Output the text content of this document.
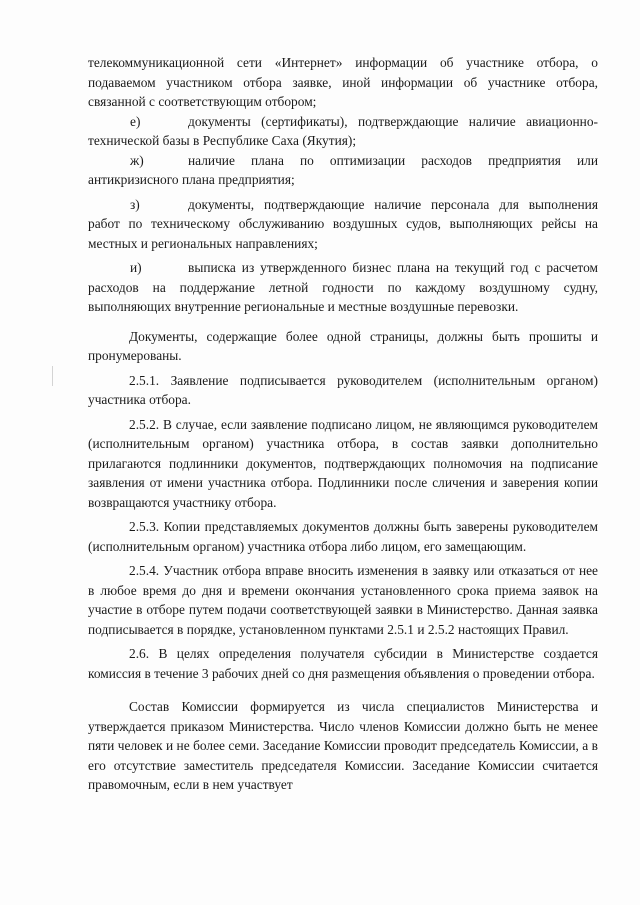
телекоммуникационной сети «Интернет» информации об участнике отбора, о подаваемом участником отбора заявке, иной информации об участнике отбора, связанной с соответствующим отбором;

е)	документы (сертификаты), подтверждающие наличие авиационно-технической базы в Республике Саха (Якутия);

ж)	наличие плана по оптимизации расходов предприятия или антикризисного плана предприятия;

з)	документы, подтверждающие наличие персонала для выполнения работ по техническому обслуживанию воздушных судов, выполняющих рейсы на местных и региональных направлениях;

и)	выписка из утвержденного бизнес плана на текущий год с расчетом расходов на поддержание летной годности по каждому воздушному судну, выполняющих внутренние региональные и местные воздушные перевозки.

Документы, содержащие более одной страницы, должны быть прошиты и пронумерованы.

2.5.1. Заявление подписывается руководителем (исполнительным органом) участника отбора.

2.5.2. В случае, если заявление подписано лицом, не являющимся руководителем (исполнительным органом) участника отбора, в состав заявки дополнительно прилагаются подлинники документов, подтверждающих полномочия на подписание заявления от имени участника отбора. Подлинники после сличения и заверения копии возвращаются участнику отбора.

2.5.3. Копии представляемых документов должны быть заверены руководителем (исполнительным органом) участника отбора либо лицом, его замещающим.

2.5.4. Участник отбора вправе вносить изменения в заявку или отказаться от нее в любое время до дня и времени окончания установленного срока приема заявок на участие в отборе путем подачи соответствующей заявки в Министерство. Данная заявка подписывается в порядке, установленном пунктами 2.5.1 и 2.5.2 настоящих Правил.

2.6. В целях определения получателя субсидии в Министерстве создается комиссия в течение 3 рабочих дней со дня размещения объявления о проведении отбора.

Состав Комиссии формируется из числа специалистов Министерства и утверждается приказом Министерства. Число членов Комиссии должно быть не менее пяти человек и не более семи. Заседание Комиссии проводит председатель Комиссии, а в его отсутствие заместитель председателя Комиссии. Заседание Комиссии считается правомочным, если в нем участвует
